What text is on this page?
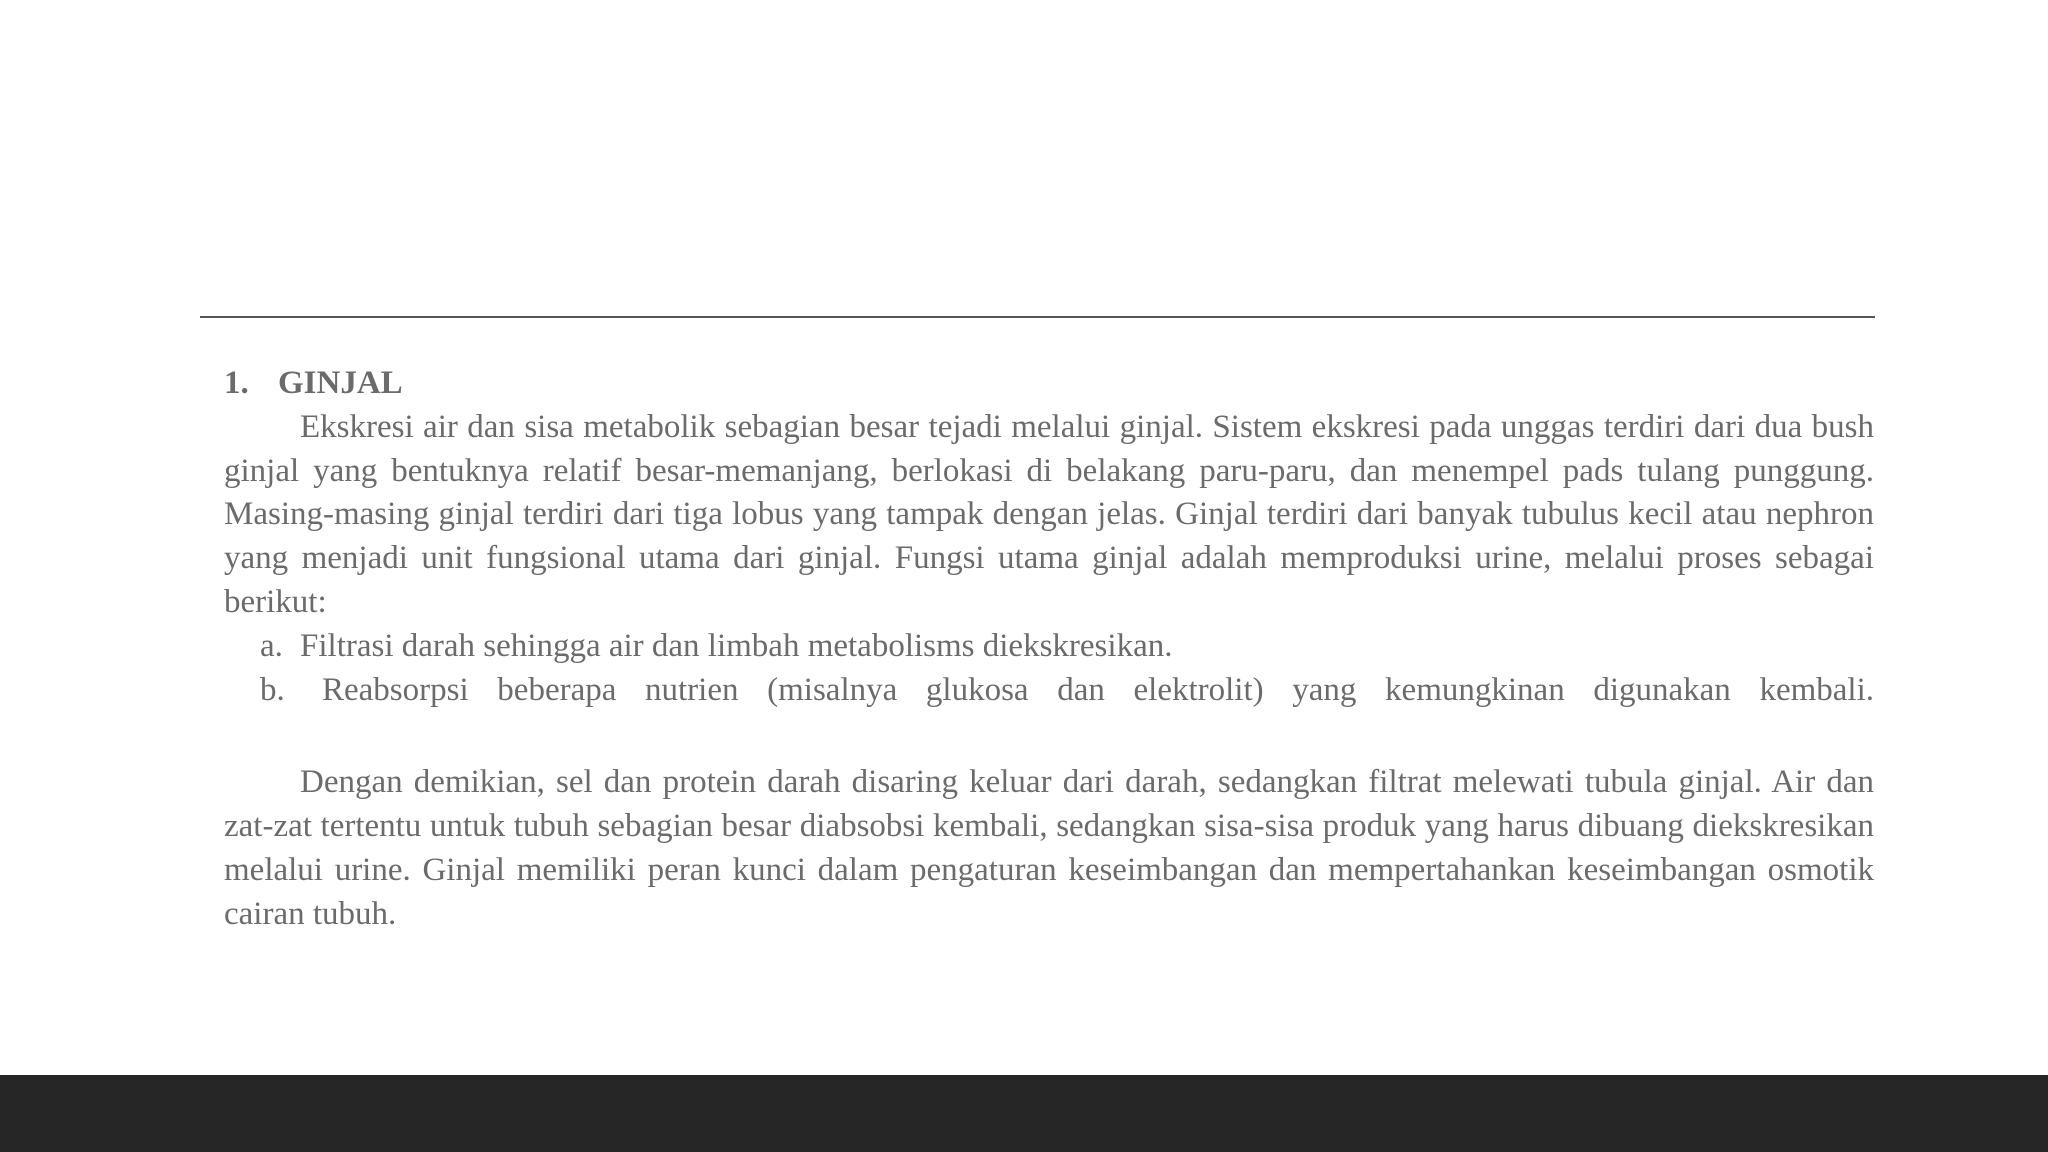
1. GINJAL

Ekskresi air dan sisa metabolik sebagian besar tejadi melalui ginjal. Sistem ekskresi pada unggas terdiri dari dua bush ginjal yang bentuknya relatif besar-memanjang, berlokasi di belakang paru-paru, dan menempel pads tulang punggung. Masing-masing ginjal terdiri dari tiga lobus yang tampak dengan jelas. Ginjal terdiri dari banyak tubulus kecil atau nephron yang menjadi unit fungsional utama dari ginjal. Fungsi utama ginjal adalah memproduksi urine, melalui proses sebagai berikut:

a. Filtrasi darah sehingga air dan limbah metabolisms diekskresikan.
b.	Reabsorpsi beberapa nutrien (misalnya glukosa dan elektrolit) yang kemungkinan digunakan kembali.

Dengan demikian, sel dan protein darah disaring keluar dari darah, sedangkan filtrat melewati tubula ginjal. Air dan zat-zat tertentu untuk tubuh sebagian besar diabsobsi kembali, sedangkan sisa-sisa produk yang harus dibuang diekskresikan melalui urine. Ginjal memiliki peran kunci dalam pengaturan keseimbangan dan mempertahankan keseimbangan osmotik cairan tubuh.
